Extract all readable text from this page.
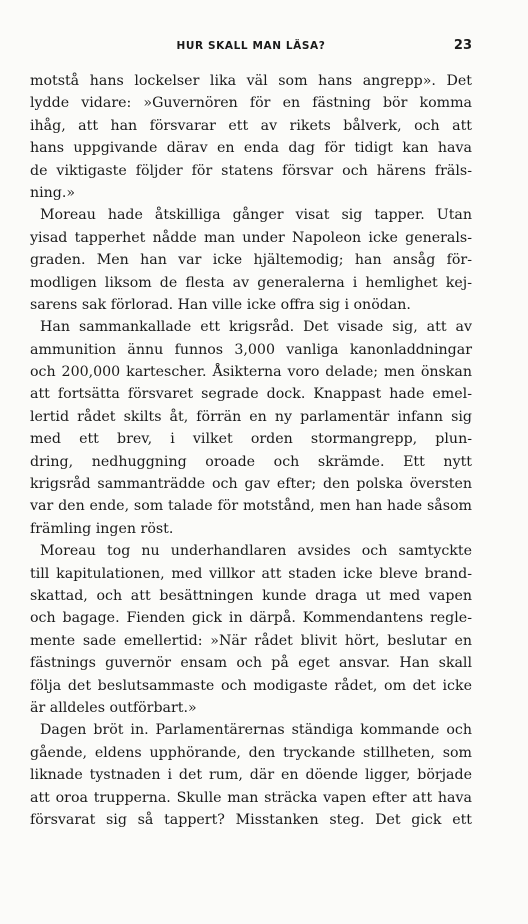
HUR SKALL MAN LÄSA?	23
motstå hans lockelser lika väl som hans angrepp». Det
lydde vidare: »Guvernören för en fästning bör komma
ihåg, att han försvarar ett av rikets bålverk, och att
hans uppgivande därav en enda dag för tidigt kan hava
de viktigaste följder för statens försvar och härens fräls-
ning.»
Moreau hade åtskilliga gånger visat sig tapper. Utan
yisad tapperhet nådde man under Napoleon icke generals-
graden. Men han var icke hjältemodig; han ansåg för-
modligen liksom de flesta av generalerna i hemlighet kej-
sarens sak förlorad. Han ville icke offra sig i onödan.
Han sammankallade ett krigsråd. Det visade sig, att av
ammunition ännu funnos 3,000 vanliga kanonladdningar
och 200,000 kartescher. Åsikterna voro delade; men önskan
att fortsätta försvaret segrade dock. Knappast hade emel-
lertid rådet skilts åt, förrän en ny parlamentär infann sig
med ett brev, i vilket orden stormangrepp, plun-
dring, nedhuggning oroade och skrämde. Ett nytt
krigsråd sammanträdde och gav efter; den polska översten
var den ende, som talade för motstånd, men han hade såsom
främling ingen röst.
Moreau tog nu underhandlaren avsides och samtyckte
till kapitulationen, med villkor att staden icke bleve brand-
skattad, och att besättningen kunde draga ut med vapen
och bagage. Fienden gick in därpå. Kommendantens regle-
mente sade emellertid: »När rådet blivit hört, beslutar en
fästnings guvernör ensam och på eget ansvar. Han skall
följa det beslutsammaste och modigaste rådet, om det icke
är alldeles outförbart.»
Dagen bröt in. Parlamentärernas ständiga kommande och
gående, eldens upphörande, den tryckande stillheten, som
liknade tystnaden i det rum, där en döende ligger, började
att oroa trupperna. Skulle man sträcka vapen efter att hava
försvarat sig så tappert? Misstanken steg. Det gick ett
